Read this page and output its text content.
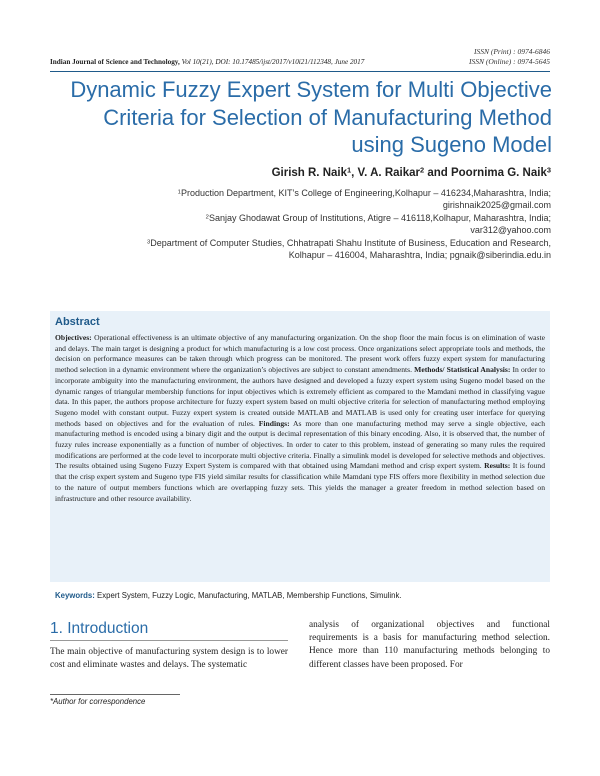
ISSN (Print) : 0974-6846
ISSN (Online) : 0974-5645
Indian Journal of Science and Technology, Vol 10(21), DOI: 10.17485/ijst/2017/v10i21/112348, June 2017
Dynamic Fuzzy Expert System for Multi Objective Criteria for Selection of Manufacturing Method using Sugeno Model
Girish R. Naik$^1$, V. A. Raikar$^2$ and Poornima G. Naik$^3$
$^1$Production Department, KIT’s College of Engineering,Kolhapur – 416234,Maharashtra, India;
girishnaik2025@gmail.com
$^2$Sanjay Ghodawat Group of Institutions, Atigre – 416118,Kolhapur, Maharashtra, India;
var312@yahoo.com
$^3$Department of Computer Studies, Chhatrapati Shahu Institute of Business, Education and Research,
Kolhapur – 416004, Maharashtra, India; pgnaik@siberindia.edu.in
Abstract
Objectives: Operational effectiveness is an ultimate objective of any manufacturing organization. On the shop floor the main focus is on elimination of waste and delays. The main target is designing a product for which manufacturing is a low cost process. Once organizations select appropriate tools and methods, the decision on performance measures can be taken through which progress can be monitored. The present work offers fuzzy expert system for manufacturing method selection in a dynamic environment where the organization’s objectives are subject to constant amendments. Methods/ Statistical Analysis: In order to incorporate ambiguity into the manufacturing environment, the authors have designed and developed a fuzzy expert system using Sugeno model based on the dynamic ranges of triangular membership functions for input objectives which is extremely efficient as compared to the Mamdani method in classifying vague data. In this paper, the authors propose architecture for fuzzy expert system based on multi objective criteria for selection of manufacturing method employing Sugeno model with constant output. Fuzzy expert system is created outside MATLAB and MATLAB is used only for creating user interface for querying methods based on objectives and for the evaluation of rules. Findings: As more than one manufacturing method may serve a single objective, each manufacturing method is encoded using a binary digit and the output is decimal representation of this binary encoding. Also, it is observed that, the number of fuzzy rules increase exponentially as a function of number of objectives. In order to cater to this problem, instead of generating so many rules the required modifications are performed at the code level to incorporate multi objective criteria. Finally a simulink model is developed for selective methods and objectives. The results obtained using Sugeno Fuzzy Expert System is compared with that obtained using Mamdani method and crisp expert system. Results: It is found that the crisp expert system and Sugeno type FIS yield similar results for classification while Mamdani type FIS offers more flexibility in method selection due to the nature of output members functions which are overlapping fuzzy sets. This yields the manager a greater freedom in method selection based on infrastructure and other resource availability.
Keywords: Expert System, Fuzzy Logic, Manufacturing, MATLAB, Membership Functions, Simulink.
1. Introduction
The main objective of manufacturing system design is to lower cost and eliminate wastes and delays. The systematic
analysis of organizational objectives and functional requirements is a basis for manufacturing method selection. Hence more than 110 manufacturing methods belonging to different classes have been proposed. For
*Author for correspondence
